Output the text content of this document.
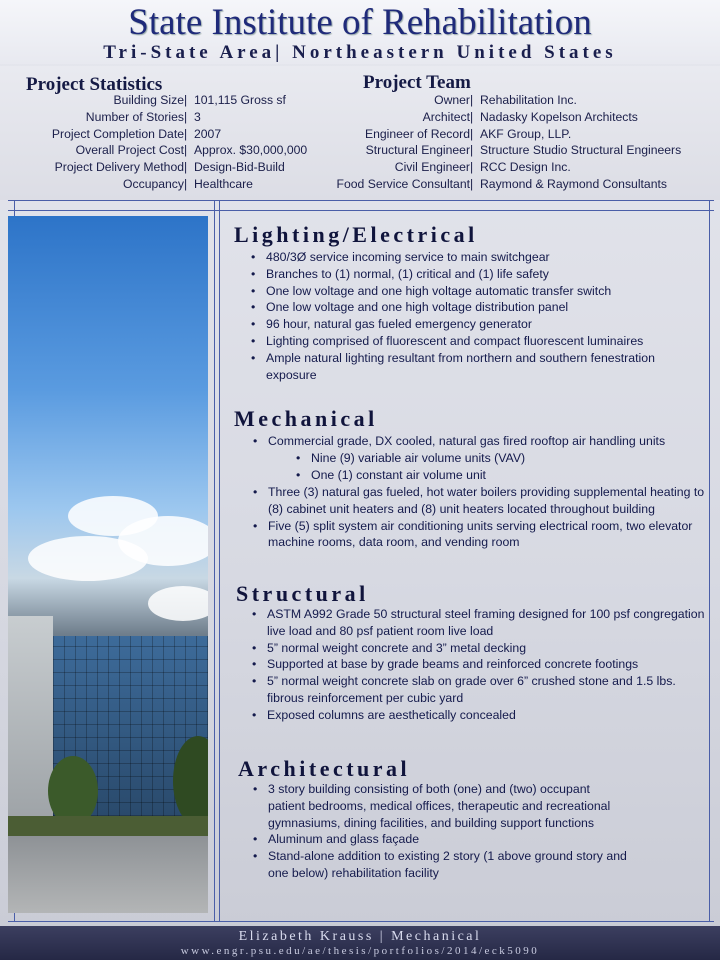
State Institute of Rehabilitation
Tri-State Area| Northeastern United States
Project Statistics	Project Team
Building Size | 101,115 Gross sf
Number of Stories | 3
Project Completion Date | 2007
Overall Project Cost | Approx. $30,000,000
Project Delivery Method | Design-Bid-Build
Occupancy | Healthcare
Owner | Rehabilitation Inc.
Architect | Nadasky Kopelson Architects
Engineer of Record | AKF Group, LLP.
Structural Engineer | Structure Studio Structural Engineers
Civil Engineer | RCC Design Inc.
Food Service Consultant | Raymond & Raymond Consultants
Lighting/Electrical
• 480/3Ø service incoming service to main switchgear
• Branches to (1) normal, (1) critical and (1) life safety
• One low voltage and one high voltage automatic transfer switch
• One low voltage and one high voltage distribution panel
• 96 hour, natural gas fueled emergency generator
• Lighting comprised of fluorescent and compact fluorescent luminaires
• Ample natural lighting resultant from northern and southern fenestration exposure
Mechanical
• Commercial grade, DX cooled, natural gas fired rooftop air handling units
• Nine (9) variable air volume units (VAV)
• One (1) constant air volume unit
• Three (3) natural gas fueled, hot water boilers providing supplemental heating to (8) cabinet unit heaters and (8) unit heaters located throughout building
• Five (5) split system air conditioning units serving electrical room, two elevator machine rooms, data room, and vending room
Structural
• ASTM A992 Grade 50 structural steel framing designed for 100 psf congregation live load and 80 psf patient room live load
• 5” normal weight concrete and 3” metal decking
• Supported at base by grade beams and reinforced concrete footings
• 5” normal weight concrete slab on grade over 6” crushed stone and 1.5 lbs. fibrous reinforcement per cubic yard
• Exposed columns are aesthetically concealed
Architectural
• 3 story building consisting of both (one) and (two) occupant patient bedrooms, medical offices, therapeutic and recreational gymnasiums, dining facilities, and building support functions
• Aluminum and glass façade
• Stand-alone addition to existing 2 story (1 above ground story and one below) rehabilitation facility
Elizabeth Krauss | Mechanical
www.engr.psu.edu/ae/thesis/portfolios/2014/eck5090
